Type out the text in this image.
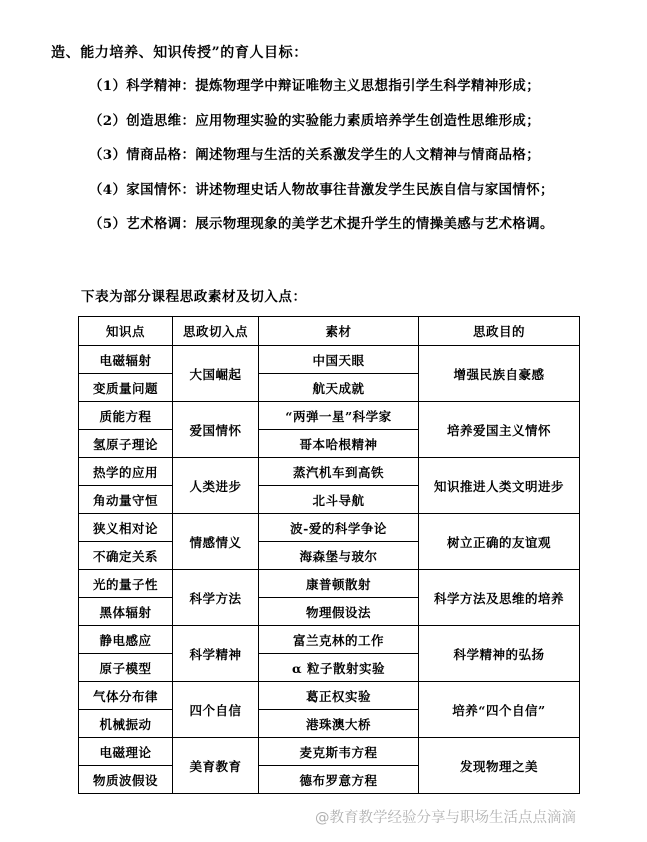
造、能力培养、知识传授”的育人目标：
（1）科学精神：提炼物理学中辩证唯物主义思想指引学生科学精神形成；
（2）创造思维：应用物理实验的实验能力素质培养学生创造性思维形成；
（3）情商品格：阐述物理与生活的关系激发学生的人文精神与情商品格；
（4）家国情怀：讲述物理史话人物故事往昔激发学生民族自信与家国情怀；
（5）艺术格调：展示物理现象的美学艺术提升学生的情操美感与艺术格调。
下表为部分课程思政素材及切入点：
知识点	思政切入点	素材	思政目的
电磁辐射	大国崛起	中国天眼	增强民族自豪感
变质量问题		航天成就	
质能方程	爱国情怀	“两弹一星”科学家	培养爱国主义情怀
氢原子理论		哥本哈根精神	
热学的应用	人类进步	蒸汽机车到高铁	知识推进人类文明进步
角动量守恒		北斗导航	
狭义相对论	情感情义	波-爱的科学争论	树立正确的友谊观
不确定关系		海森堡与玻尔	
光的量子性	科学方法	康普顿散射	科学方法及思维的培养
黑体辐射		物理假设法	
静电感应	科学精神	富兰克林的工作	科学精神的弘扬
原子模型		α 粒子散射实验	
气体分布律	四个自信	葛正权实验	培养“四个自信”
机械振动		港珠澳大桥	
电磁理论	美育教育	麦克斯韦方程	发现物理之美
物质波假设		德布罗意方程	
@教育教学经验分享与职场生活点点滴滴
